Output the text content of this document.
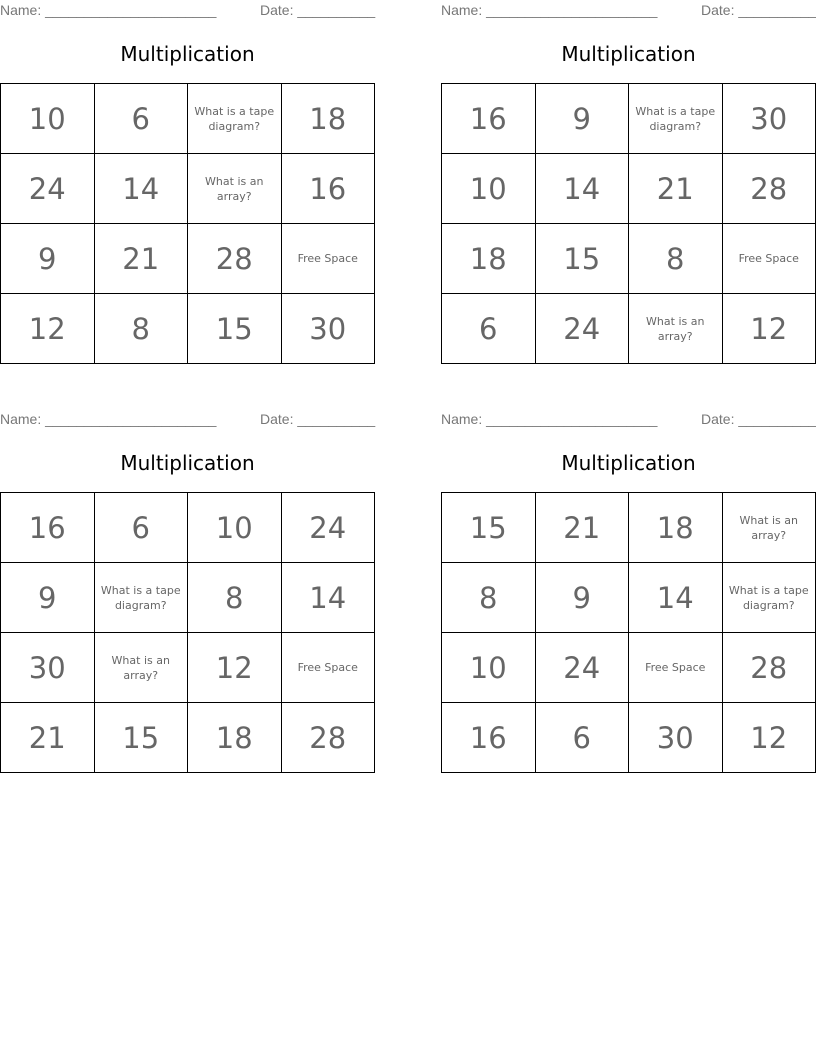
Name: ______________________	Date: __________
Multiplication
10	6	What is a tape diagram?	18
24	14	What is an array?	16
9	21	28	Free Space
12	8	15	30
Name: ______________________	Date: __________
Multiplication
16	9	What is a tape diagram?	30
10	14	21	28
18	15	8	Free Space
6	24	What is an array?	12
Name: ______________________	Date: __________
Multiplication
16	6	10	24
9	What is a tape diagram?	8	14
30	What is an array?	12	Free Space
21	15	18	28
Name: ______________________	Date: __________
Multiplication
15	21	18	What is an array?
8	9	14	What is a tape diagram?
10	24	Free Space	28
16	6	30	12
